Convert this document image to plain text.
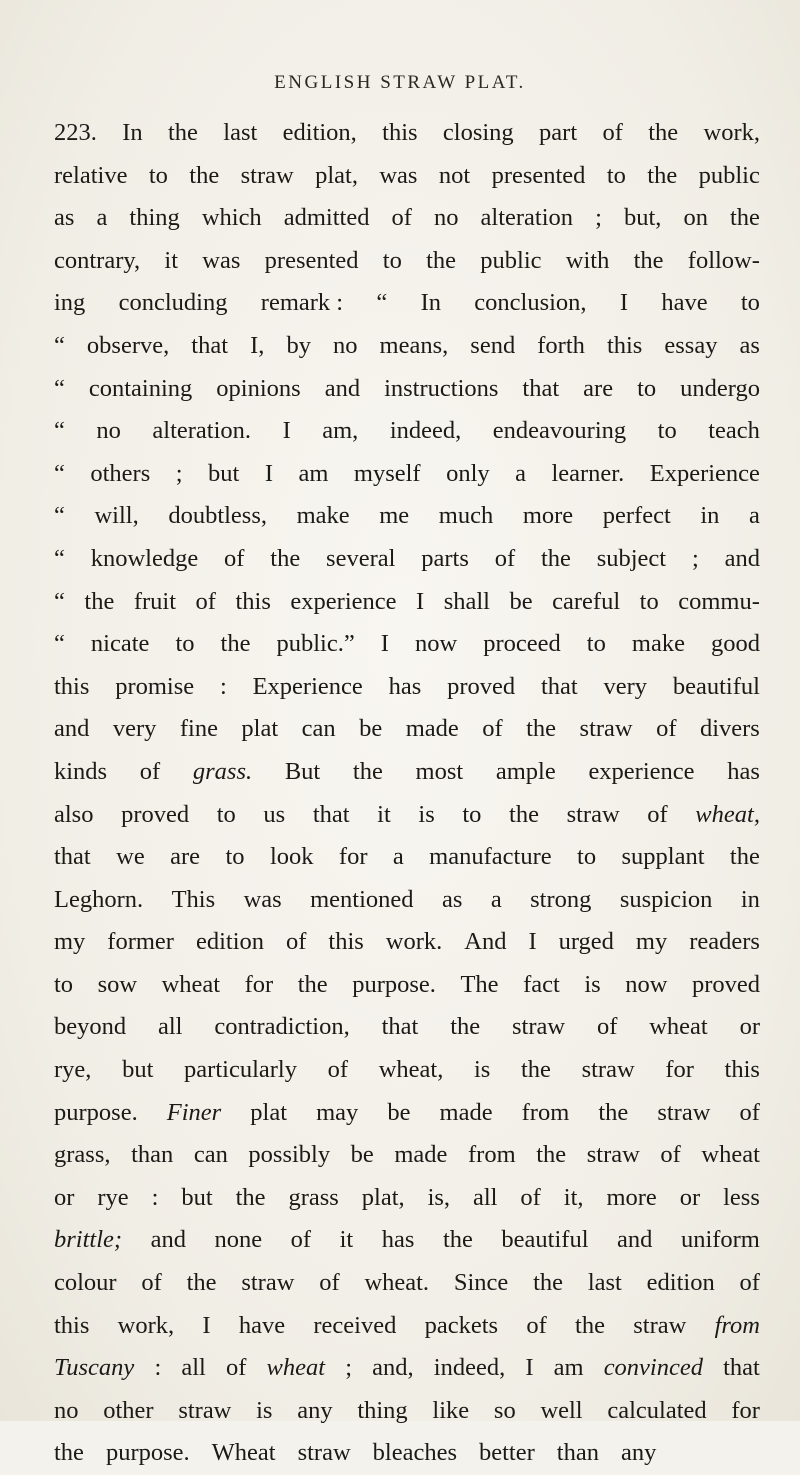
ENGLISH STRAW PLAT.
223. In the last edition, this closing part of the work,
relative to the straw plat, was not presented to the public
as a thing which admitted of no alteration ; but, on the
contrary, it was presented to the public with the follow-
ing concluding remark : “ In conclusion, I have to
“ observe, that I, by no means, send forth this essay as
“ containing opinions and instructions that are to undergo
“ no alteration. I am, indeed, endeavouring to teach
“ others ; but I am myself only a learner. Experience
“ will, doubtless, make me much more perfect in a
“ knowledge of the several parts of the subject ; and
“ the fruit of this experience I shall be careful to commu-
“ nicate to the public.” I now proceed to make good
this promise : Experience has proved that very beautiful
and very fine plat can be made of the straw of divers
kinds of grass. But the most ample experience has
also proved to us that it is to the straw of wheat,
that we are to look for a manufacture to supplant the
Leghorn. This was mentioned as a strong suspicion in
my former edition of this work. And I urged my readers
to sow wheat for the purpose. The fact is now proved
beyond all contradiction, that the straw of wheat or
rye, but particularly of wheat, is the straw for this
purpose. Finer plat may be made from the straw of
grass, than can possibly be made from the straw of wheat
or rye : but the grass plat, is, all of it, more or less
brittle; and none of it has the beautiful and uniform
colour of the straw of wheat. Since the last edition of
this work, I have received packets of the straw from
Tuscany : all of wheat ; and, indeed, I am convinced that
no other straw is any thing like so well calculated for
the purpose. Wheat straw bleaches better than any
